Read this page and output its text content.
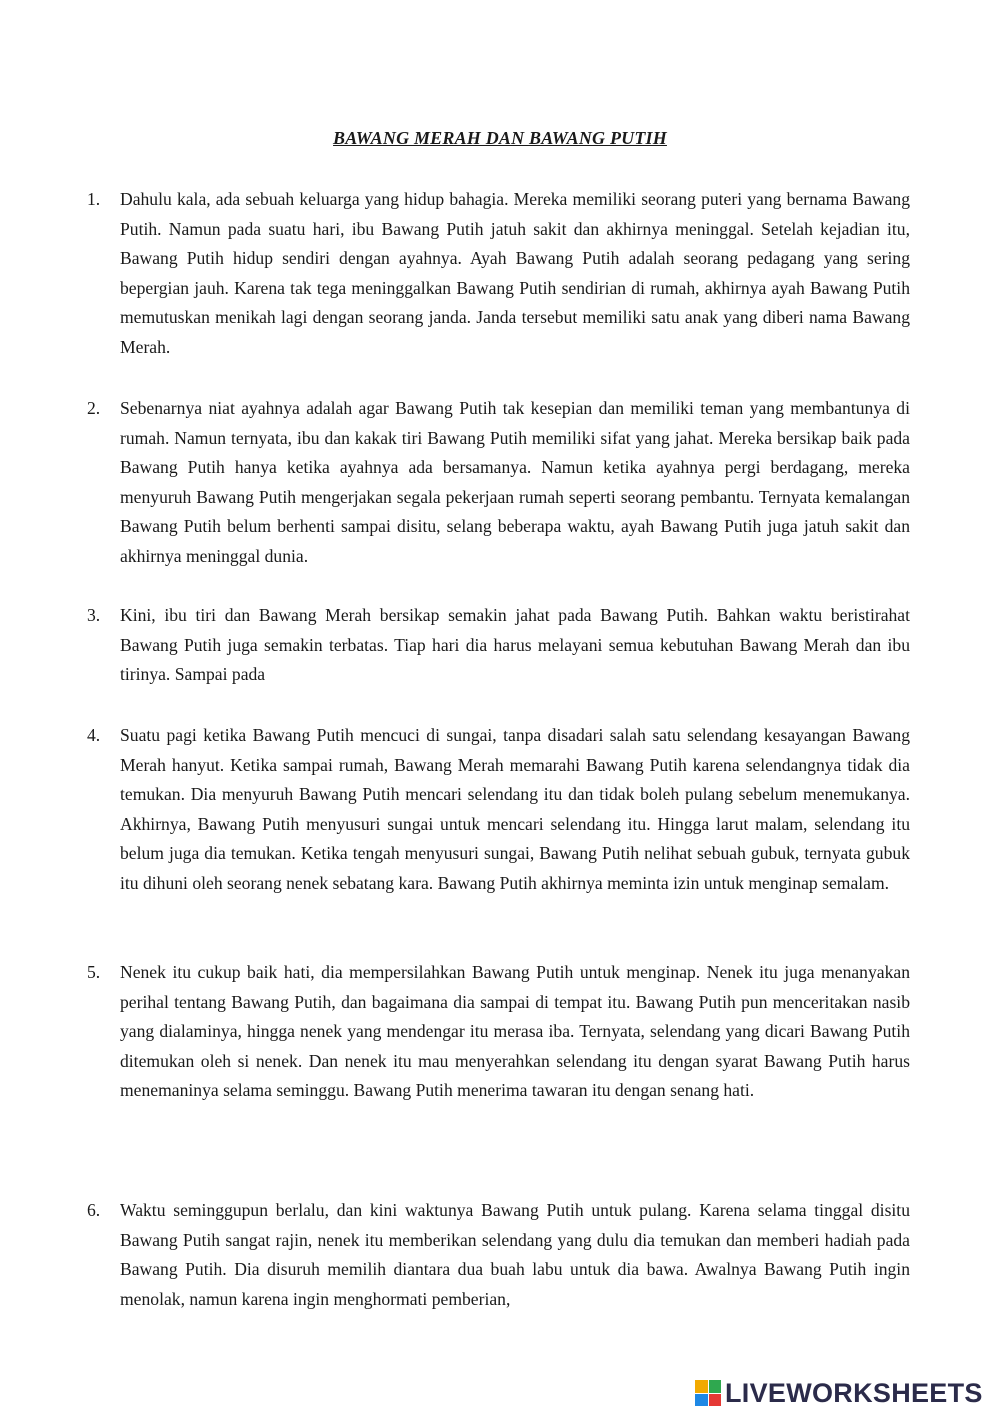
BAWANG MERAH DAN BAWANG PUTIH
1. Dahulu kala, ada sebuah keluarga yang hidup bahagia. Mereka memiliki seorang puteri yang bernama Bawang Putih. Namun pada suatu hari, ibu Bawang Putih jatuh sakit dan akhirnya meninggal. Setelah kejadian itu, Bawang Putih hidup sendiri dengan ayahnya. Ayah Bawang Putih adalah seorang pedagang yang sering bepergian jauh. Karena tak tega meninggalkan Bawang Putih sendirian di rumah, akhirnya ayah Bawang Putih memutuskan menikah lagi dengan seorang janda. Janda tersebut memiliki satu anak yang diberi nama Bawang Merah.
2. Sebenarnya niat ayahnya adalah agar Bawang Putih tak kesepian dan memiliki teman yang membantunya di rumah. Namun ternyata, ibu dan kakak tiri Bawang Putih memiliki sifat yang jahat. Mereka bersikap baik pada Bawang Putih hanya ketika ayahnya ada bersamanya. Namun ketika ayahnya pergi berdagang, mereka menyuruh Bawang Putih mengerjakan segala pekerjaan rumah seperti seorang pembantu. Ternyata kemalangan Bawang Putih belum berhenti sampai disitu, selang beberapa waktu, ayah Bawang Putih juga jatuh sakit dan akhirnya meninggal dunia.
3. Kini, ibu tiri dan Bawang Merah bersikap semakin jahat pada Bawang Putih. Bahkan waktu beristirahat Bawang Putih juga semakin terbatas. Tiap hari dia harus melayani semua kebutuhan Bawang Merah dan ibu tirinya. Sampai pada
4. Suatu pagi ketika Bawang Putih mencuci di sungai, tanpa disadari salah satu selendang kesayangan Bawang Merah hanyut. Ketika sampai rumah, Bawang Merah memarahi Bawang Putih karena selendangnya tidak dia temukan. Dia menyuruh Bawang Putih mencari selendang itu dan tidak boleh pulang sebelum menemukanya. Akhirnya, Bawang Putih menyusuri sungai untuk mencari selendang itu. Hingga larut malam, selendang itu belum juga dia temukan. Ketika tengah menyusuri sungai, Bawang Putih nelihat sebuah gubuk, ternyata gubuk itu dihuni oleh seorang nenek sebatang kara. Bawang Putih akhirnya meminta izin untuk menginap semalam.
5. Nenek itu cukup baik hati, dia mempersilahkan Bawang Putih untuk menginap. Nenek itu juga menanyakan perihal tentang Bawang Putih, dan bagaimana dia sampai di tempat itu. Bawang Putih pun menceritakan nasib yang dialaminya, hingga nenek yang mendengar itu merasa iba. Ternyata, selendang yang dicari Bawang Putih ditemukan oleh si nenek. Dan nenek itu mau menyerahkan selendang itu dengan syarat Bawang Putih harus menemaninya selama seminggu. Bawang Putih menerima tawaran itu dengan senang hati.
6. Waktu seminggupun berlalu, dan kini waktunya Bawang Putih untuk pulang. Karena selama tinggal disitu Bawang Putih sangat rajin, nenek itu memberikan selendang yang dulu dia temukan dan memberi hadiah pada Bawang Putih. Dia disuruh memilih diantara dua buah labu untuk dia bawa. Awalnya Bawang Putih ingin menolak, namun karena ingin menghormati pemberian,
LIVEWORKSHEETS
